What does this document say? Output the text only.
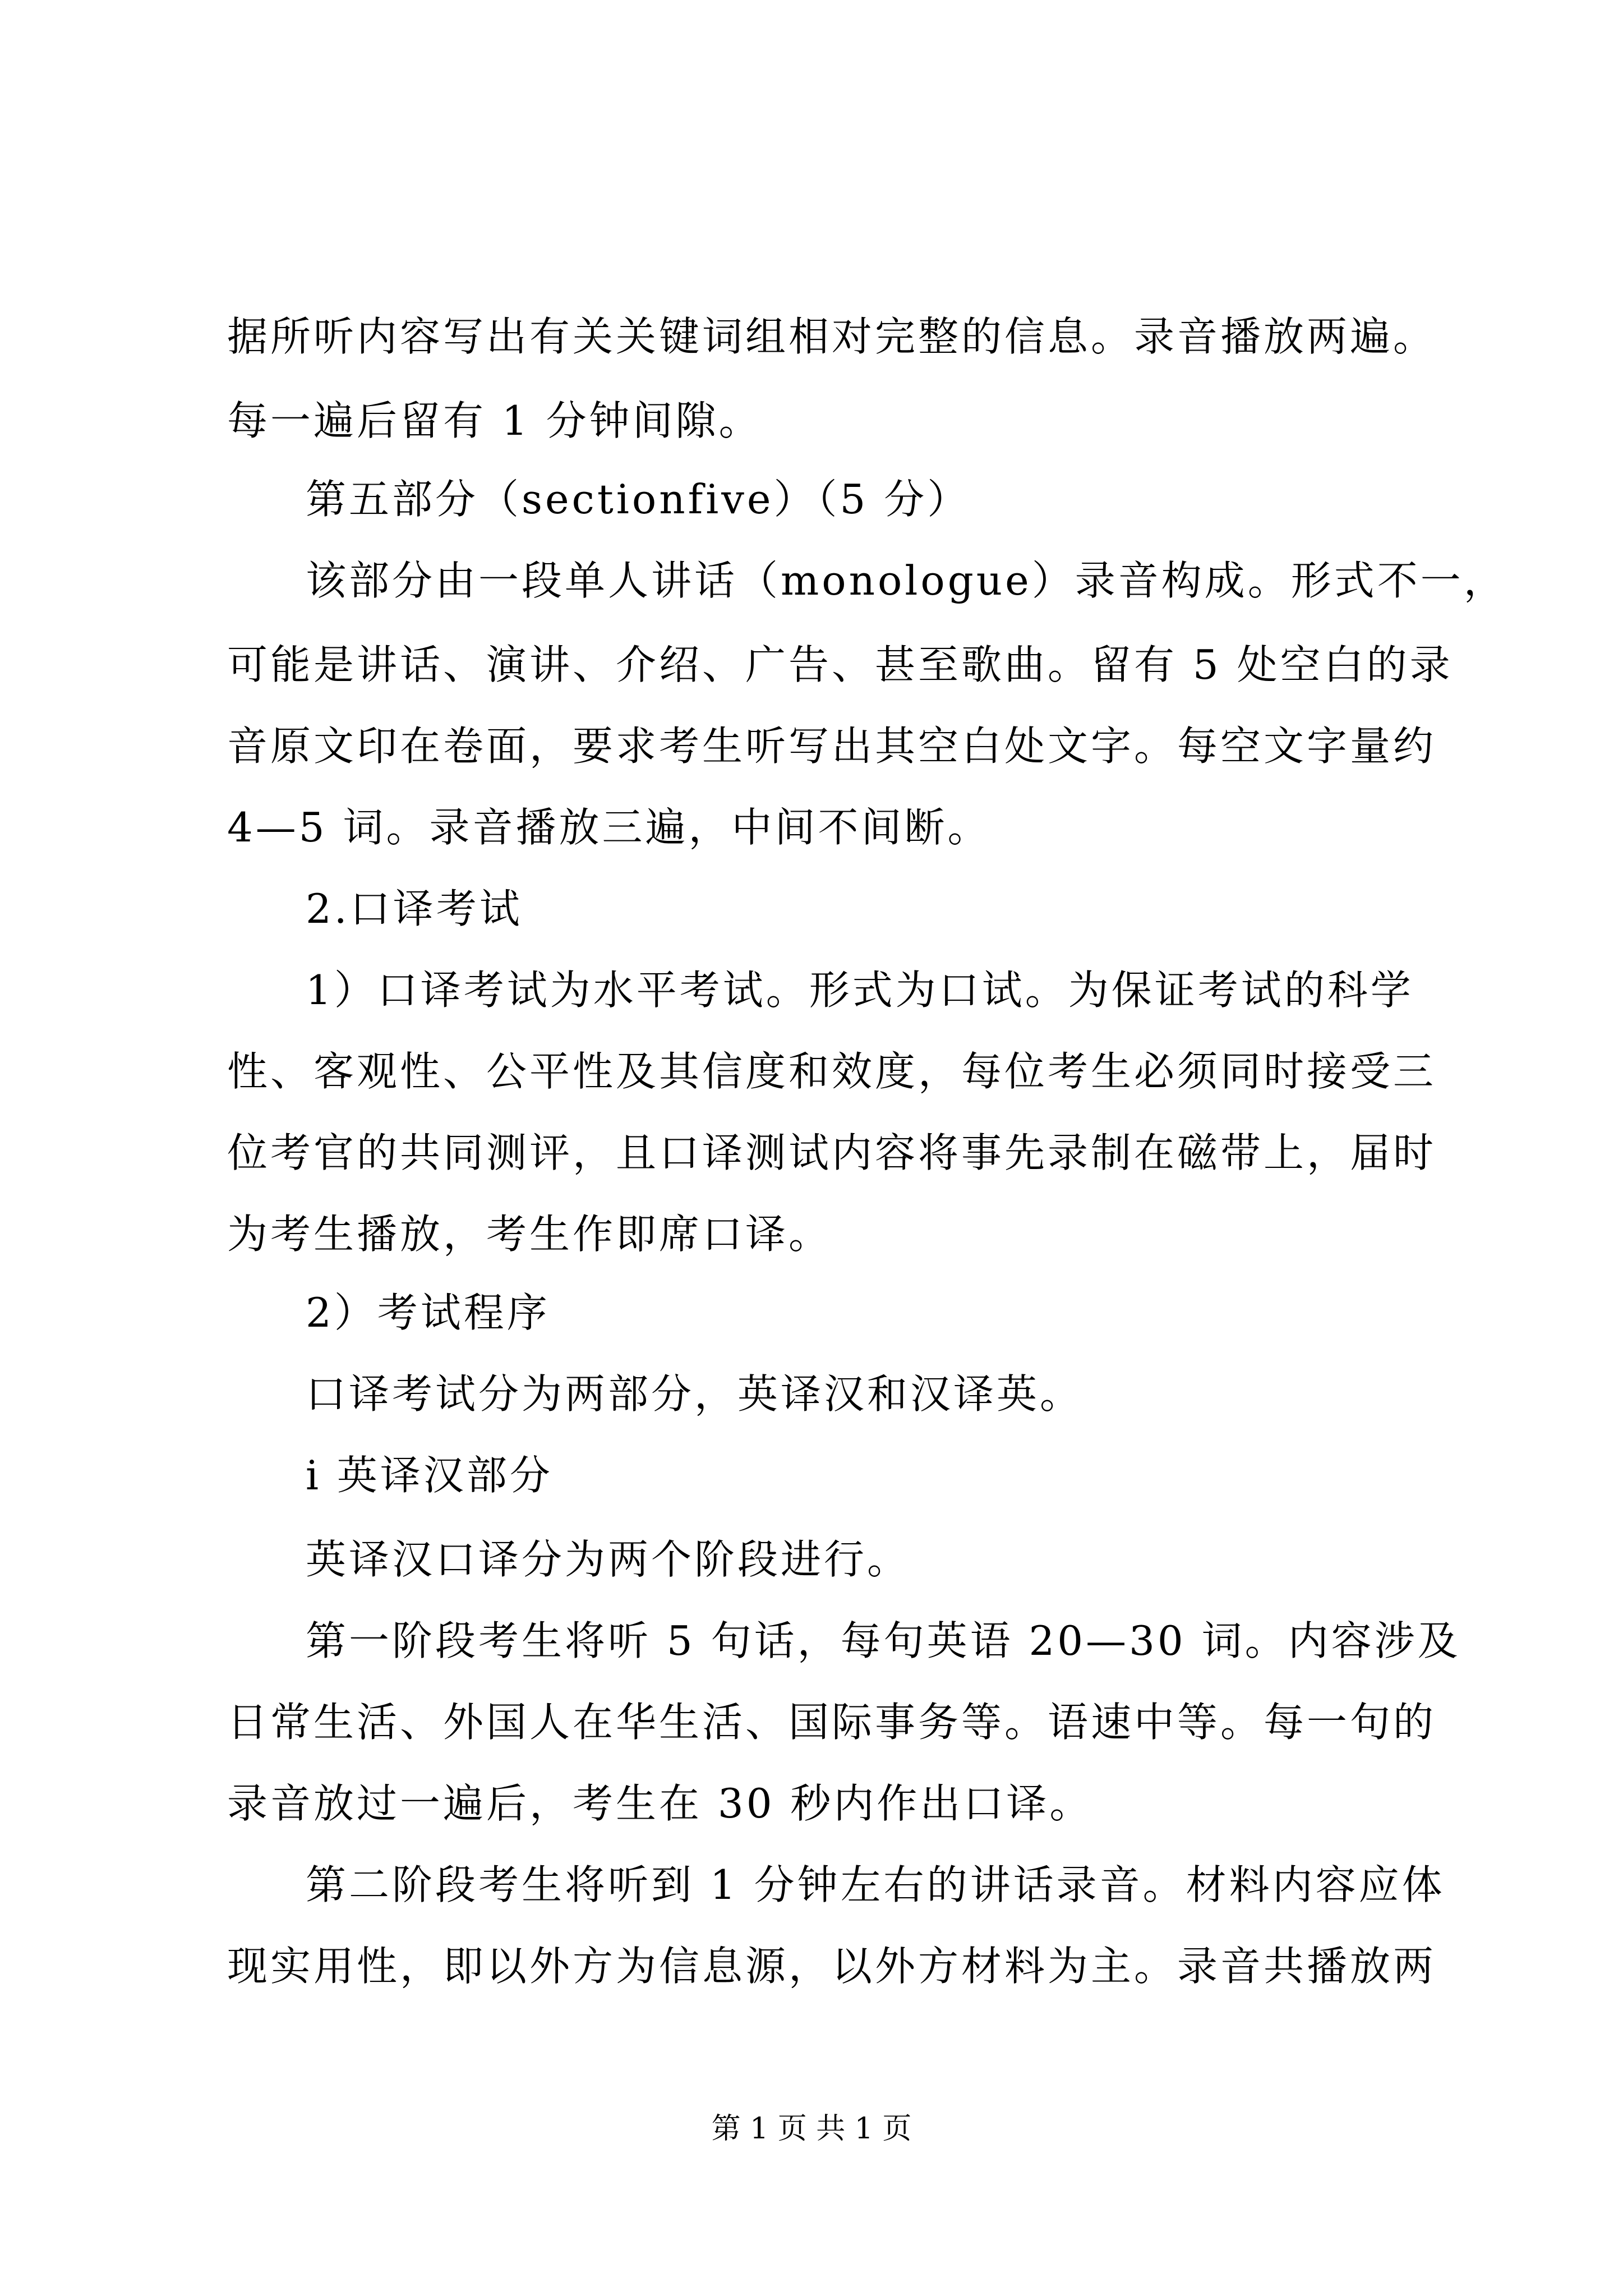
据所听内容写出有关关键词组相对完整的信息。录音播放两遍。
每一遍后留有 1 分钟间隙。
第五部分（sectionfive）（5 分）
该部分由一段单人讲话（monologue）录音构成。形式不一，
可能是讲话、演讲、介绍、广告、甚至歌曲。留有 5 处空白的录
音原文印在卷面，要求考生听写出其空白处文字。每空文字量约
4—5 词。录音播放三遍，中间不间断。
2.口译考试
1）口译考试为水平考试。形式为口试。为保证考试的科学
性、客观性、公平性及其信度和效度，每位考生必须同时接受三
位考官的共同测评，且口译测试内容将事先录制在磁带上，届时
为考生播放，考生作即席口译。
2）考试程序
口译考试分为两部分，英译汉和汉译英。
i 英译汉部分
英译汉口译分为两个阶段进行。
第一阶段考生将听 5 句话，每句英语 20—30 词。内容涉及
日常生活、外国人在华生活、国际事务等。语速中等。每一句的
录音放过一遍后，考生在 30 秒内作出口译。
第二阶段考生将听到 1 分钟左右的讲话录音。材料内容应体
现实用性，即以外方为信息源，以外方材料为主。录音共播放两
第 1 页 共 1 页
